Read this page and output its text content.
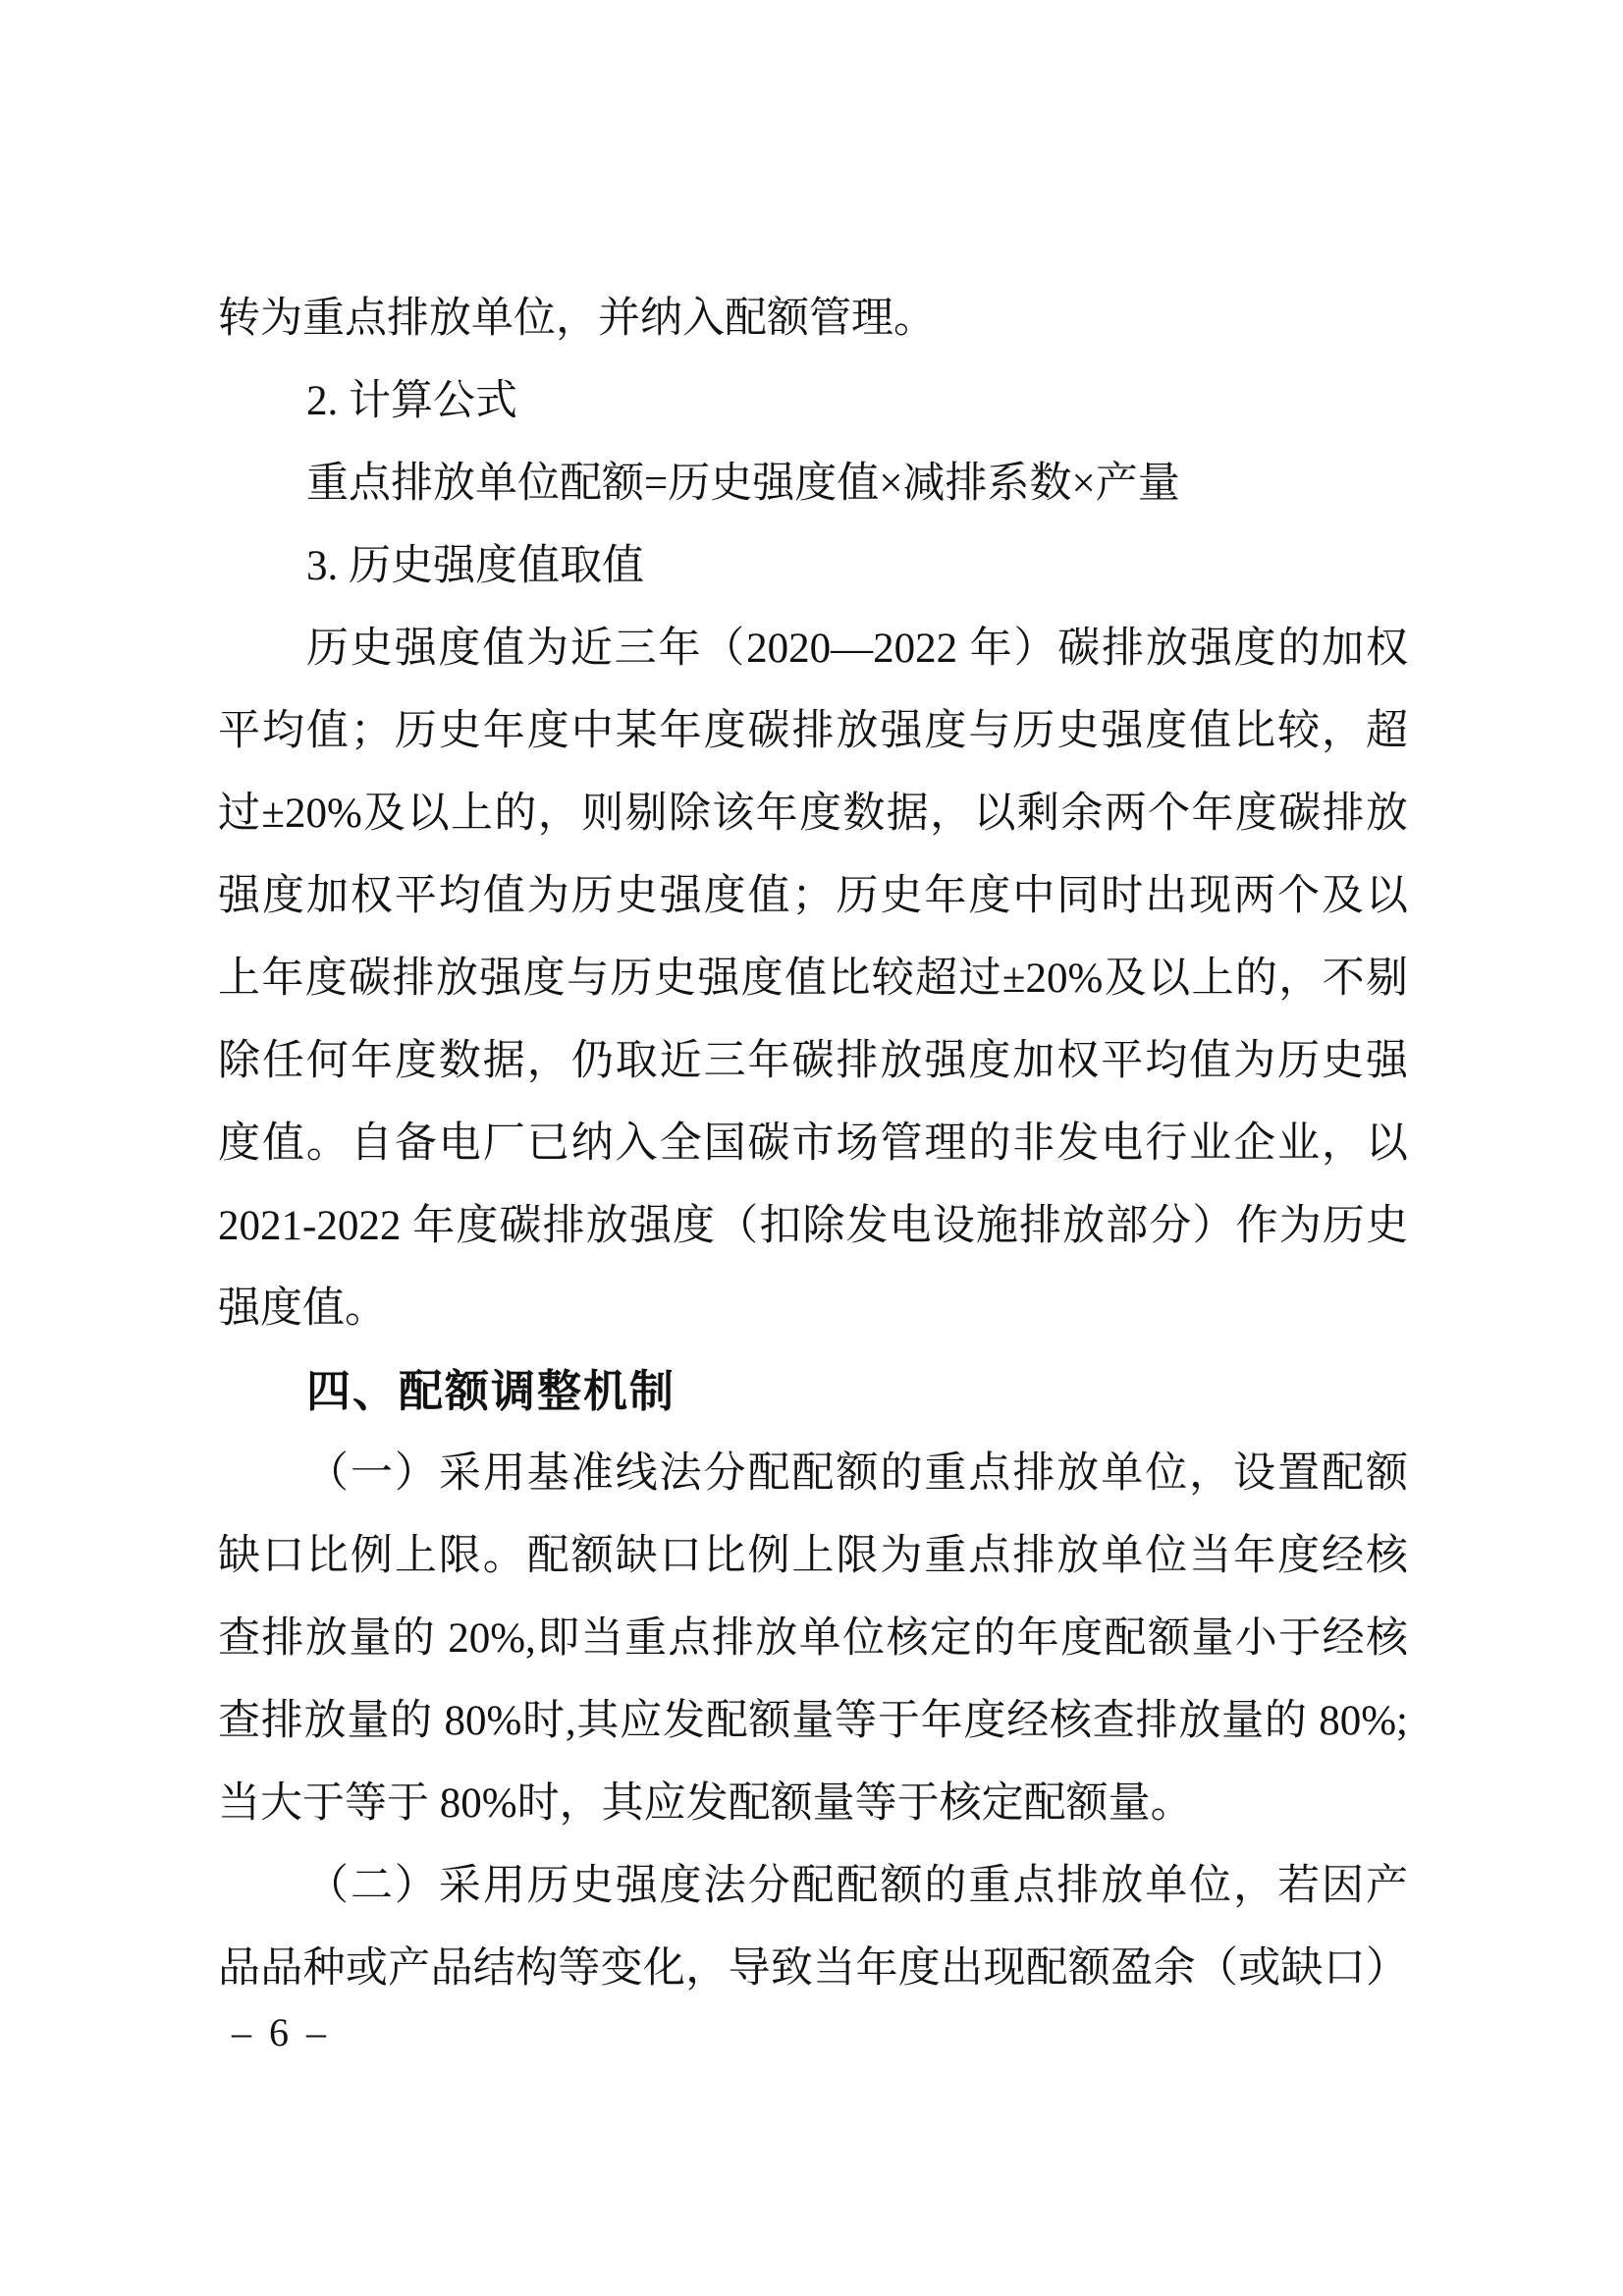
转为重点排放单位，并纳入配额管理。
2. 计算公式
重点排放单位配额=历史强度值×减排系数×产量
3. 历史强度值取值
历史强度值为近三年（2020—2022 年）碳排放强度的加权
平均值；历史年度中某年度碳排放强度与历史强度值比较，超
过±20%及以上的，则剔除该年度数据，以剩余两个年度碳排放
强度加权平均值为历史强度值；历史年度中同时出现两个及以
上年度碳排放强度与历史强度值比较超过±20%及以上的，不剔
除任何年度数据，仍取近三年碳排放强度加权平均值为历史强
度值。自备电厂已纳入全国碳市场管理的非发电行业企业，以
2021-2022 年度碳排放强度（扣除发电设施排放部分）作为历史
强度值。
四、配额调整机制
（一）采用基准线法分配配额的重点排放单位，设置配额
缺口比例上限。配额缺口比例上限为重点排放单位当年度经核
查排放量的 20%,即当重点排放单位核定的年度配额量小于经核
查排放量的 80%时,其应发配额量等于年度经核查排放量的 80%;
当大于等于 80%时，其应发配额量等于核定配额量。
（二）采用历史强度法分配配额的重点排放单位，若因产
品品种或产品结构等变化，导致当年度出现配额盈余（或缺口）
– 6 –
